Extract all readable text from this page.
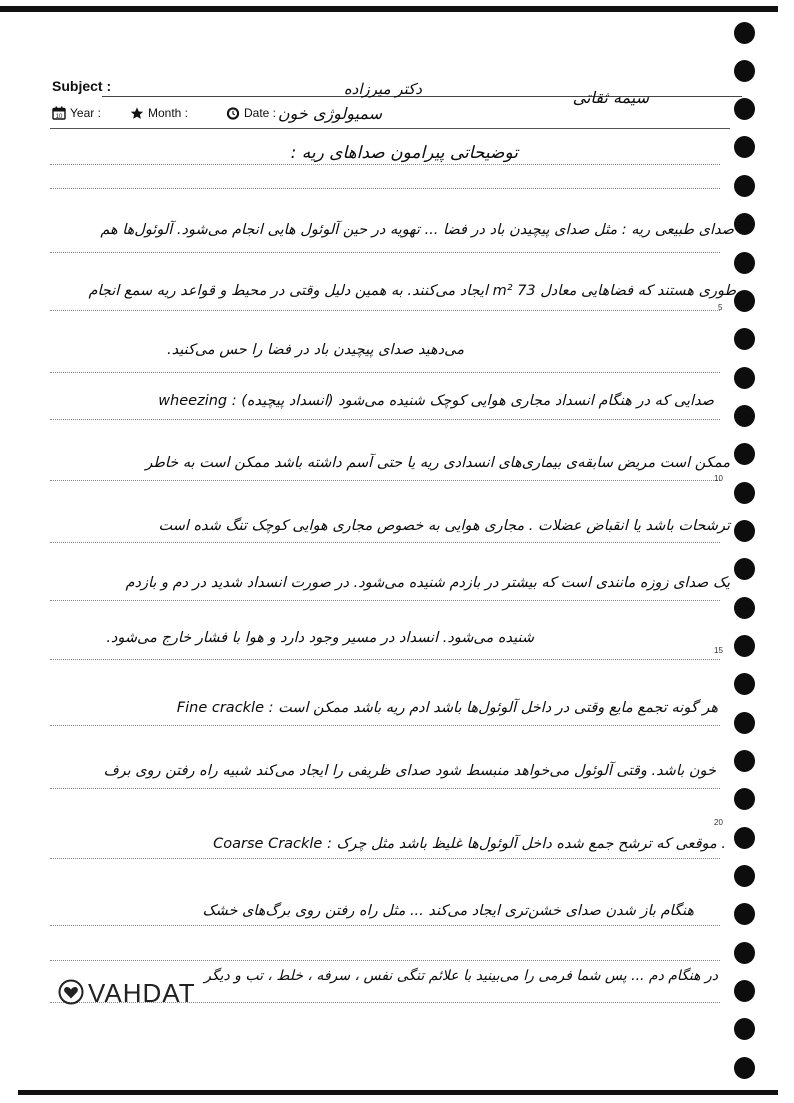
Subject :
10 Year :	Month :	Date :
دکتر میرزاده
سمیولوژی خون
سیمه ثقاتی
5
10
15
20
توضیحاتی پیرامون صداهای ریه :
صدای طبیعی ریه : مثل صدای پیچیدن باد در فضا ... تهویه در حین آلوئول هایی انجام می‌شود. آلوئول‌ها هم
طوری هستند که فضاهایی معادل 73 m² ایجاد می‌کنند. به همین دلیل وقتی در محیط و قواعد ریه سمع انجام
می‌دهید صدای پیچیدن باد در فضا را حس می‌کنید.
wheezing : صدایی که در هنگام انسداد مجاری هوایی کوچک شنیده می‌شود (انسداد پیچیده)
ممکن است مریض سابقه‌ی بیماری‌های انسدادی ریه یا حتی آسم داشته باشد ممکن است به خاطر
ترشحات باشد یا انقباض عضلات . مجاری هوایی به خصوص مجاری هوایی کوچک تنگ شده است
یک صدای زوزه مانندی است که بیشتر در بازدم شنیده می‌شود. در صورت انسداد شدید در دم و بازدم
شنیده می‌شود. انسداد در مسیر وجود دارد و هوا با فشار خارج می‌شود.
Fine crackle : هر گونه تجمع مایع وقتی در داخل آلوئول‌ها باشد ادم ریه باشد ممکن است
خون باشد. وقتی آلوئول می‌خواهد منبسط شود صدای ظریفی را ایجاد می‌کند شبیه راه رفتن روی برف
Coarse Crackle : موقعی که ترشح جمع شده داخل آلوئول‌ها غلیظ باشد مثل چرک .
هنگام باز شدن صدای خشن‌تری ایجاد می‌کند ... مثل راه رفتن روی برگ‌های خشک
در هنگام دم ... پس شما فرمی را می‌بینید با علائم تنگی نفس ، سرفه ، خلط ، تب و دیگر
VAHDAT
